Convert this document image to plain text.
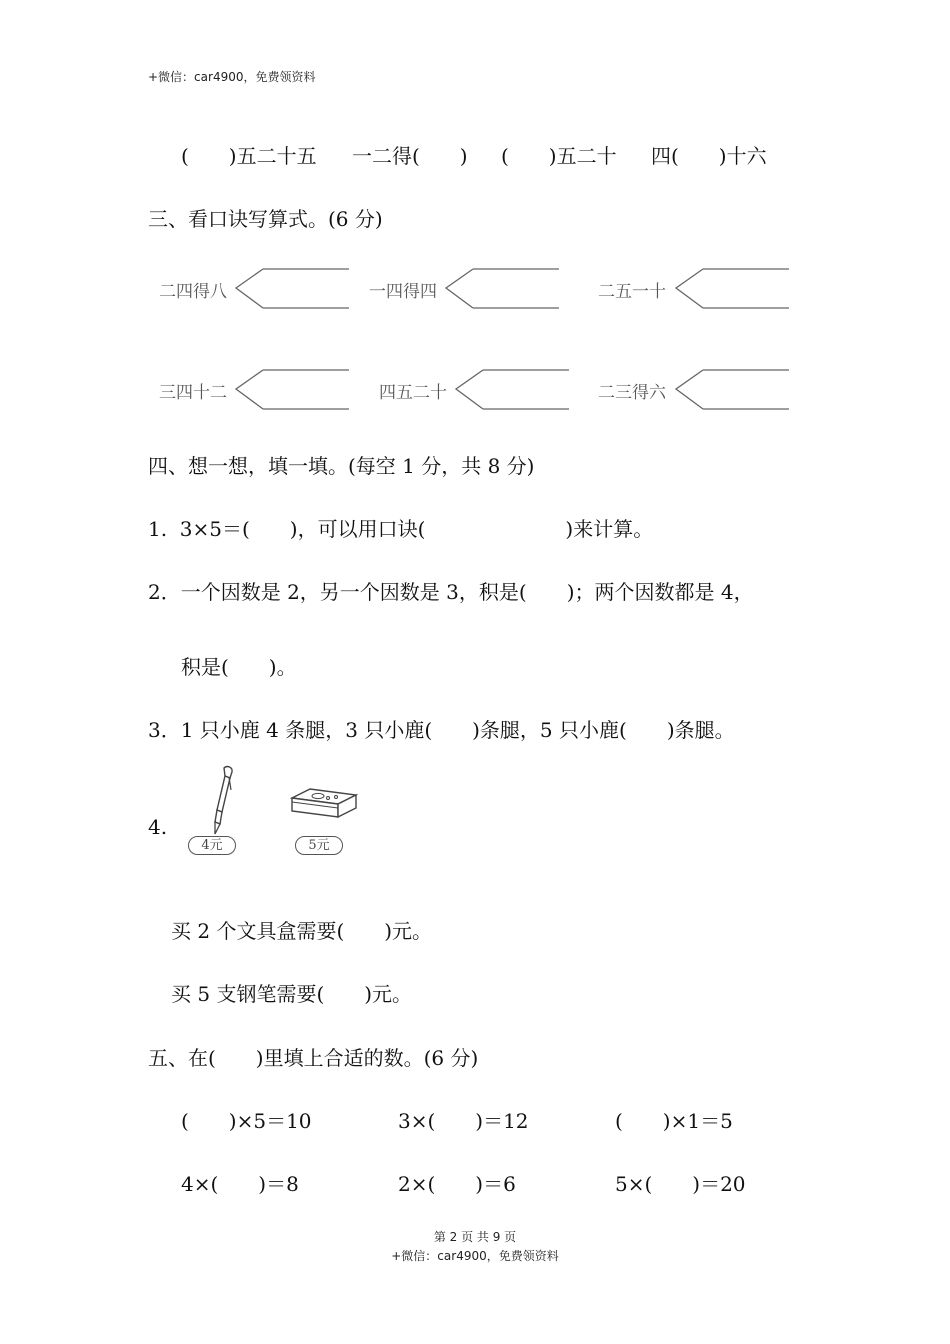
+微信：car4900，免费领资料
(　　)五二十五 一二得(　　) (　　)五二十 四(　　)十六
三、看口诀写算式。(6 分)
二四得八	一四得四	二五一十
三四十二	四五二十	二三得六
四、想一想，填一填。(每空 1 分，共 8 分)
1.  3×5＝(　　)，可以用口诀(　　　　　　　)来计算。
2．一个因数是 2，另一个因数是 3，积是(　　)；两个因数都是 4，
积是(　　)。
3．1 只小鹿 4 条腿，3 只小鹿(　　)条腿，5 只小鹿(　　)条腿。
4.
4元	5元
买 2 个文具盒需要(　　)元。
买 5 支钢笔需要(　　)元。
五、在(　　)里填上合适的数。(6 分)
(　　)×5＝10	3×(　　)＝12	(　　)×1＝5
4×(　　)＝8	2×(　　)＝6	5×(　　)＝20
第 2 页 共 9 页
+微信：car4900，免费领资料
